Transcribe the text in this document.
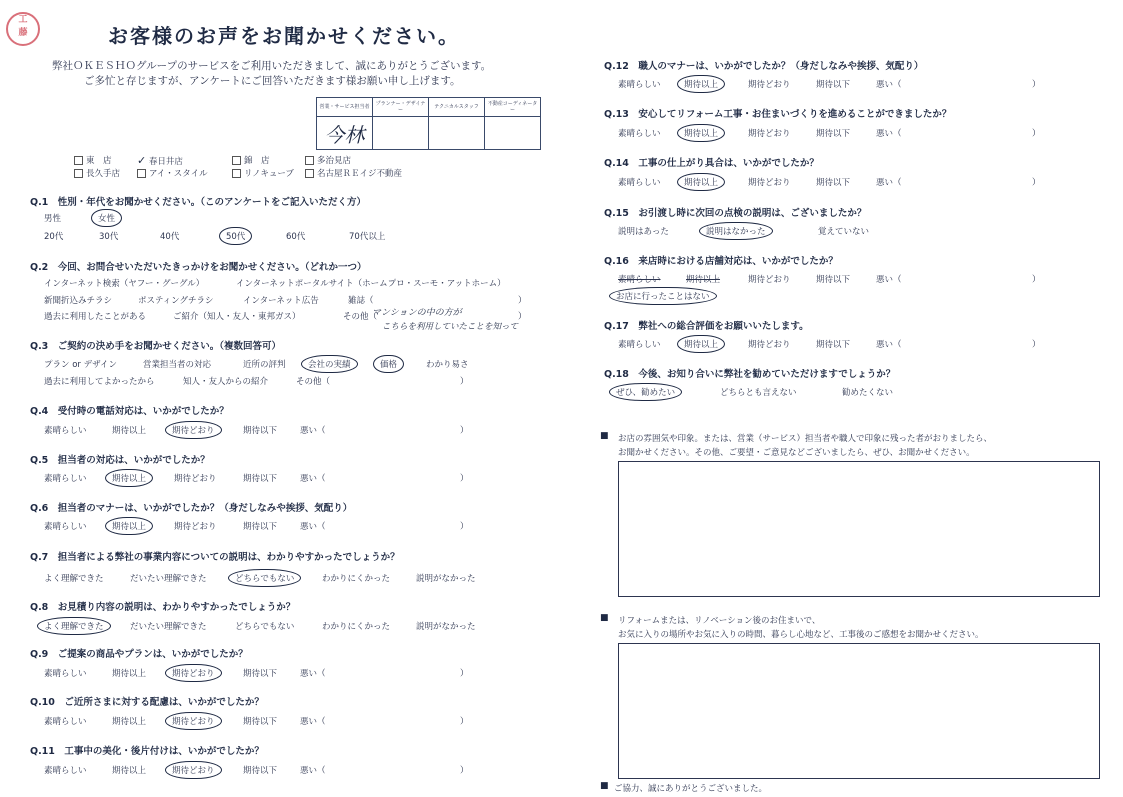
工
藤	お客様のお声をお聞かせください。
弊社ＯＫＥＳＨＯグループのサービスをご利用いただきまして、誠にありがとうございます。
ご多忙と存じますが、アンケートにご回答いただきます様お願い申し上げます。
営業・サービス担当者	プランナー・デザイナー	テクニカルスタッフ	不動産コーディネーター
今林			
東　店 ✓ 春日井店	錦　店	多治見店
長久手店	アイ・スタイル	リノキューブ	名古屋ＲＥイジ不動産
Q.1　性別・年代をお聞かせください。（このアンケートをご記入いただく方）
男性	女性
20代	30代	40代	50代	60代	70代以上
Q.2　今回、お問合せいただいたきっかけをお聞かせください。（どれか一つ）
インターネット検索（ヤフー・グーグル）	インターネットポータルサイト（ホームプロ・スーモ・アットホーム）
新聞折込みチラシ	ポスティングチラシ	インターネット広告	雑誌（	）
過去に利用したことがある	ご紹介（知人・友人・東邦ガス）	その他（	）
マンションの中の方が
こちらを利用していたことを知って
Q.3　ご契約の決め手をお聞かせください。（複数回答可）
プラン or デザイン	営業担当者の対応	近所の評判	会社の実績	価格	わかり易さ
過去に利用してよかったから	知人・友人からの紹介	その他（	）
Q.4　受付時の電話対応は、いかがでしたか？
素晴らしい	期待以上	期待どおり	期待以下	悪い（	）
Q.5　担当者の対応は、いかがでしたか？
素晴らしい	期待以上	期待どおり	期待以下	悪い（	）
Q.6　担当者のマナーは、いかがでしたか？（身だしなみや挨拶、気配り）
素晴らしい	期待以上	期待どおり	期待以下	悪い（	）
Q.7　担当者による弊社の事業内容についての説明は、わかりやすかったでしょうか？
よく理解できた	だいたい理解できた	どちらでもない	わかりにくかった	説明がなかった
Q.8　お見積り内容の説明は、わかりやすかったでしょうか？
よく理解できた	だいたい理解できた	どちらでもない	わかりにくかった	説明がなかった
Q.9　ご提案の商品やプランは、いかがでしたか？
素晴らしい	期待以上	期待どおり	期待以下	悪い（	）
Q.10　ご近所さまに対する配慮は、いかがでしたか？
素晴らしい	期待以上	期待どおり	期待以下	悪い（	）
Q.11　工事中の美化・後片付けは、いかがでしたか？
素晴らしい	期待以上	期待どおり	期待以下	悪い（	）
Q.12　職人のマナーは、いかがでしたか？（身だしなみや挨拶、気配り）
素晴らしい	期待以上	期待どおり	期待以下	悪い（	）
Q.13　安心してリフォーム工事・お住まいづくりを進めることができましたか？
素晴らしい	期待以上	期待どおり	期待以下	悪い（	）
Q.14　工事の仕上がり具合は、いかがでしたか？
素晴らしい	期待以上	期待どおり	期待以下	悪い（	）
Q.15　お引渡し時に次回の点検の説明は、ございましたか？
説明はあった	説明はなかった	覚えていない
Q.16　来店時における店舗対応は、いかがでしたか？
素晴らしい	期待以上	期待どおり	期待以下	悪い（	）
お店に行ったことはない
Q.17　弊社への総合評価をお願いいたします。
素晴らしい	期待以上	期待どおり	期待以下	悪い（	）
Q.18　今後、お知り合いに弊社を勧めていただけますでしょうか？
ぜひ、勧めたい	どちらとも言えない	勧めたくない
■ お店の雰囲気や印象。または、営業（サービス）担当者や職人で印象に残った者がおりましたら、
お聞かせください。その他、ご要望・ご意見などございましたら、ぜひ、お聞かせください。
■ リフォームまたは、リノベーション後のお住まいで、
お気に入りの場所やお気に入りの時間、暮らし心地など、工事後のご感想をお聞かせください。
■ ご協力、誠にありがとうございました。
